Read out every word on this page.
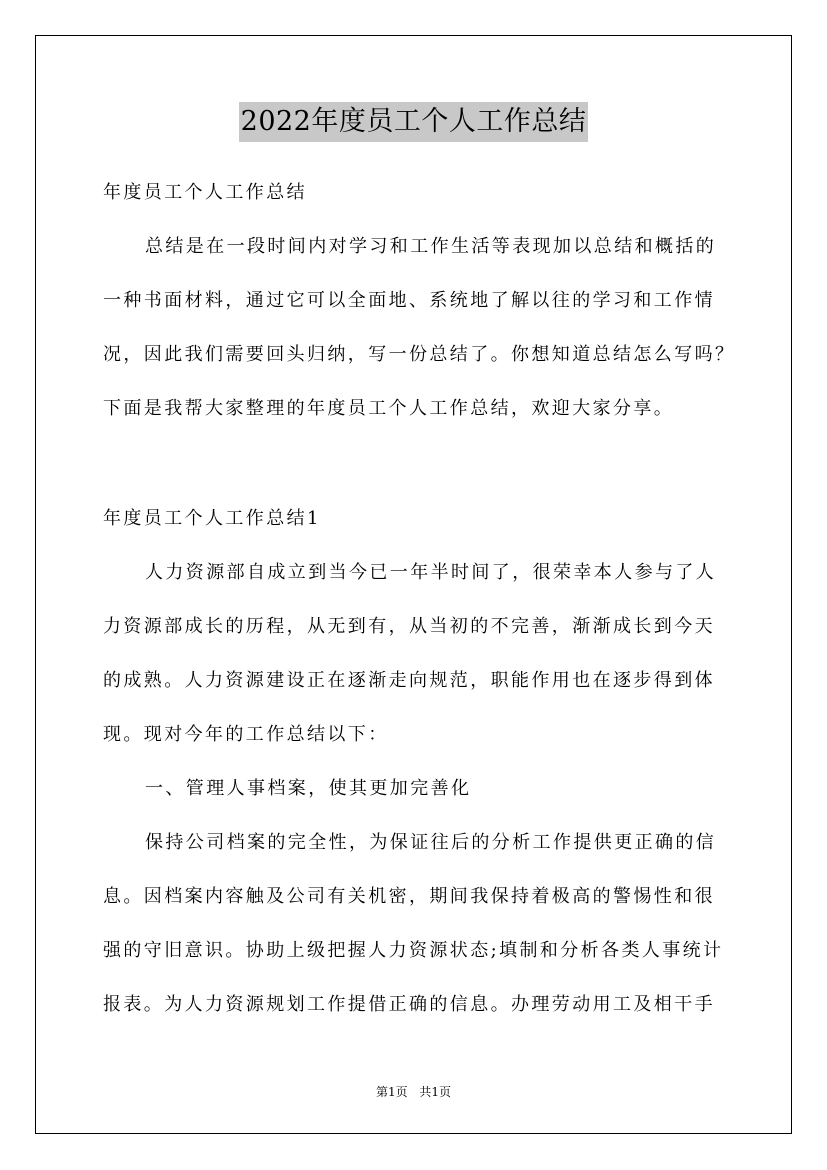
2022年度员工个人工作总结
年度员工个人工作总结
总结是在一段时间内对学习和工作生活等表现加以总结和概括的
一种书面材料，通过它可以全面地、系统地了解以往的学习和工作情
况，因此我们需要回头归纳，写一份总结了。你想知道总结怎么写吗？
下面是我帮大家整理的年度员工个人工作总结，欢迎大家分享。
年度员工个人工作总结1
人力资源部自成立到当今已一年半时间了，很荣幸本人参与了人
力资源部成长的历程，从无到有，从当初的不完善，渐渐成长到今天
的成熟。人力资源建设正在逐渐走向规范，职能作用也在逐步得到体
现。现对今年的工作总结以下：
一、管理人事档案，使其更加完善化
保持公司档案的完全性，为保证往后的分析工作提供更正确的信
息。因档案内容触及公司有关机密，期间我保持着极高的警惕性和很
强的守旧意识。协助上级把握人力资源状态;填制和分析各类人事统计
报表。为人力资源规划工作提借正确的信息。办理劳动用工及相干手
第1页 共1页
